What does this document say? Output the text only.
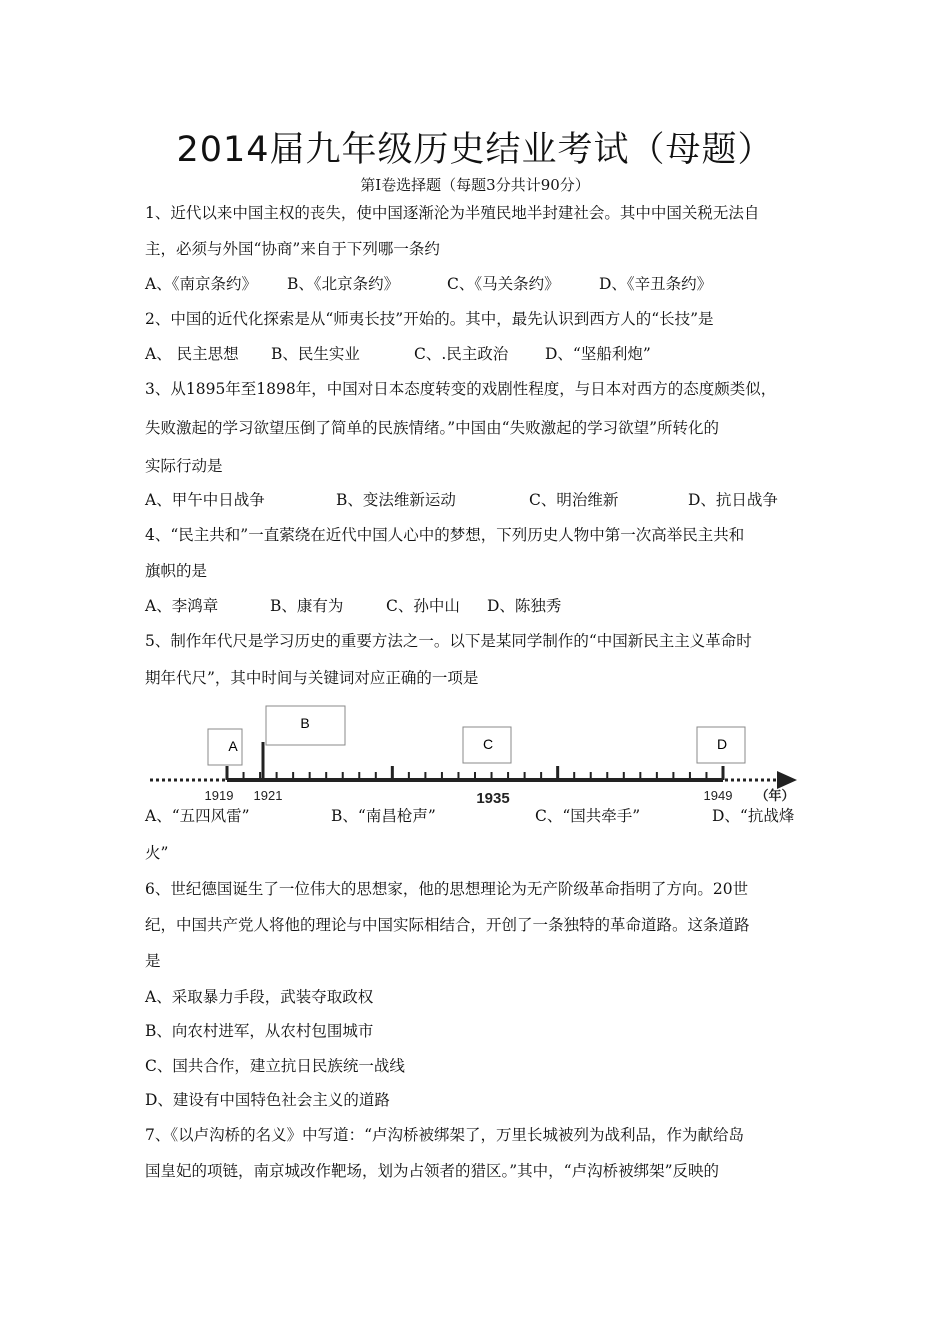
2014届九年级历史结业考试（母题）
第Ⅰ卷选择题（每题3分共计90分）
1、近代以来中国主权的丧失，使中国逐渐沦为半殖民地半封建社会。其中中国关税无法自
主，必须与外国“协商”来自于下列哪一条约
A、《南京条约》 B、《北京条约》	C、《马关条约》	D、《辛丑条约》
2、中国的近代化探索是从“师夷长技”开始的。其中，最先认识到西方人的“长技”是
A、 民主思想 B、民生实业	C、.民主政治 D、“坚船利炮”
3、从1895年至1898年，中国对日本态度转变的戏剧性程度，与日本对西方的态度颇类似，
失败激起的学习欲望压倒了简单的民族情绪。”中国由“失败激起的学习欲望”所转化的
实际行动是
A、甲午中日战争	B、变法维新运动	C、明治维新	D、抗日战争
4、“民主共和”一直萦绕在近代中国人心中的梦想，下列历史人物中第一次高举民主共和
旗帜的是
A、李鸿章	B、康有为	C、孙中山 D、陈独秀
5、制作年代尺是学习历史的重要方法之一。以下是某同学制作的“中国新民主主义革命时
期年代尺”，其中时间与关键词对应正确的一项是
A
B
C	D
1919 1921	1935	1949 （年）
A、“五四风雷”	B、“南昌枪声”	C、“国共牵手”	D、“抗战烽
火”
6、世纪德国诞生了一位伟大的思想家，他的思想理论为无产阶级革命指明了方向。20世
纪，中国共产党人将他的理论与中国实际相结合，开创了一条独特的革命道路。这条道路
是
A、采取暴力手段，武装夺取政权
B、向农村进军，从农村包围城市
C、国共合作，建立抗日民族统一战线
D、建设有中国特色社会主义的道路
7、《以卢沟桥的名义》中写道：“卢沟桥被绑架了，万里长城被列为战利品，作为献给岛
国皇妃的项链，南京城改作靶场，划为占领者的猎区。”其中，“卢沟桥被绑架”反映的
